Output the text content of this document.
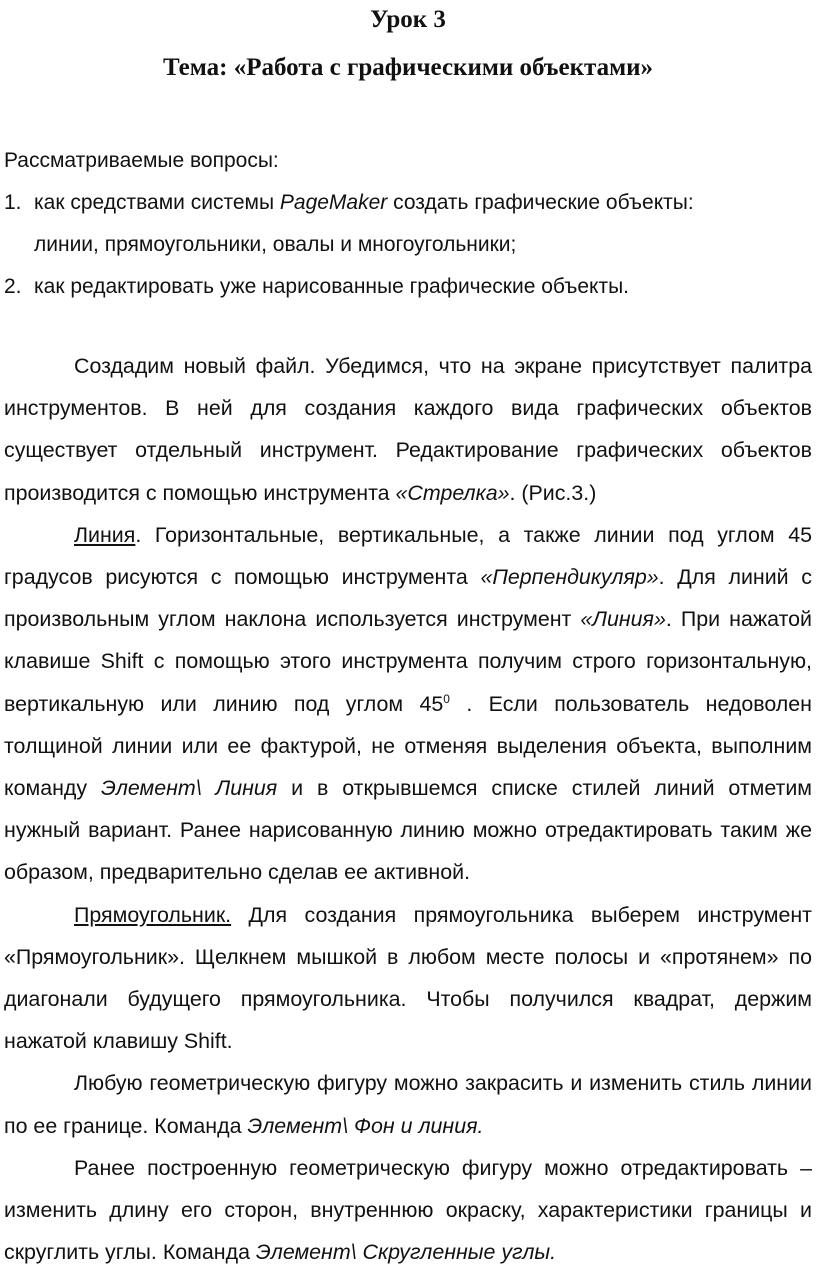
Урок 3
Тема: «Работа с графическими объектами»
Рассматриваемые вопросы:
1. как средствами системы PageMaker создать графические объекты:
линии, прямоугольники, овалы и многоугольники;
2. как редактировать уже нарисованные графические объекты.

Создадим новый файл. Убедимся, что на экране присутствует палитра инструментов. В ней для создания каждого вида графических объектов существует отдельный инструмент. Редактирование графических объектов производится с помощью инструмента «Стрелка». (Рис.3.)

Линия. Горизонтальные, вертикальные, а также линии под углом 45 градусов рисуются с помощью инструмента «Перпендикуляр». Для линий с произвольным углом наклона используется инструмент «Линия». При нажатой клавише Shift с помощью этого инструмента получим строго горизонтальную, вертикальную или линию под углом $45^0$ . Если пользователь недоволен толщиной линии или ее фактурой, не отменяя выделения объекта, выполним команду Элемент\ Линия и в открывшемся списке стилей линий отметим нужный вариант. Ранее нарисованную линию можно отредактировать таким же образом, предварительно сделав ее активной.

Прямоугольник. Для создания прямоугольника выберем инструмент «Прямоугольник». Щелкнем мышкой в любом месте полосы и «протянем» по диагонали будущего прямоугольника. Чтобы получился квадрат, держим нажатой клавишу Shift.

Любую геометрическую фигуру можно закрасить и изменить стиль линии по ее границе. Команда Элемент\ Фон и линия.

Ранее построенную геометрическую фигуру можно отредактировать – изменить длину его сторон, внутреннюю окраску, характеристики границы и скруглить углы. Команда Элемент\ Скругленные углы.
